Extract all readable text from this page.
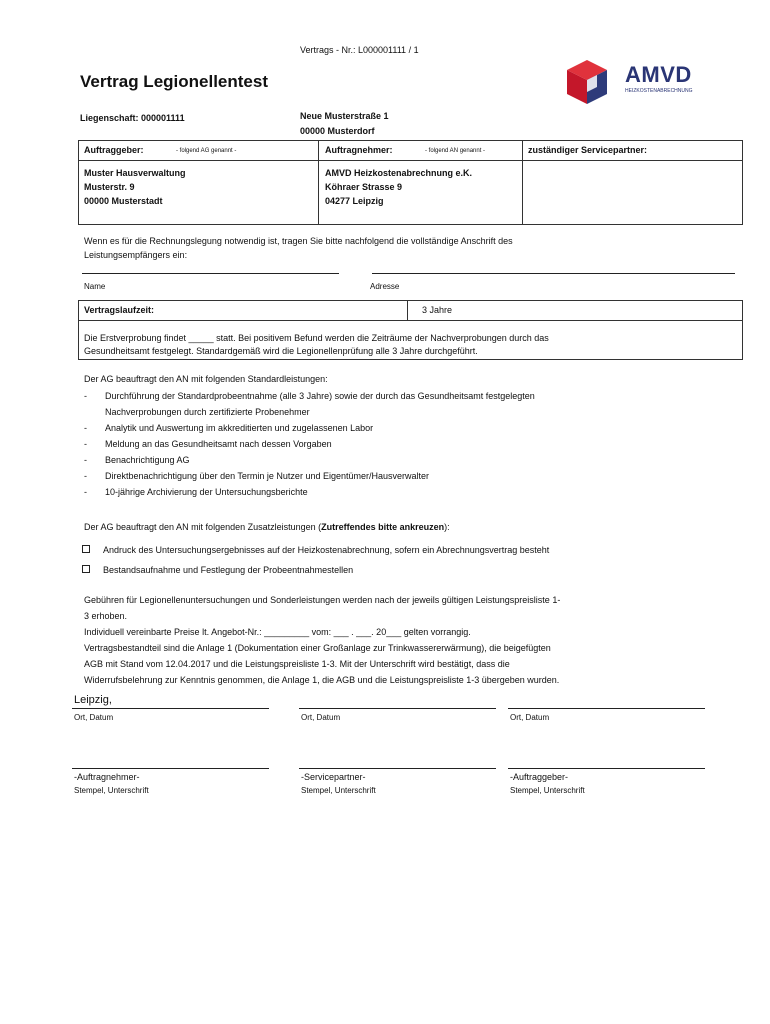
Vertrags - Nr.: L000001111 / 1
Vertrag Legionellentest	AMVD
HEIZKOSTENABRECHNUNG
Liegenschaft: 000001111	Neue Musterstraße 1
00000 Musterdorf
Auftraggeber:	- folgend AG genannt -	Auftragnehmer:	- folgend AN genannt -	zuständiger Servicepartner:
Muster Hausverwaltung
Musterstr. 9
00000 Musterstadt
AMVD Heizkostenabrechnung e.K.
Köhraer Strasse 9
04277 Leipzig
Wenn es für die Rechnungslegung notwendig ist, tragen Sie bitte nachfolgend die vollständige Anschrift des
Leistungsempfängers ein:
Name	Adresse
Vertragslaufzeit:	3 Jahre
Die Erstverprobung findet _____ statt. Bei positivem Befund werden die Zeiträume der Nachverprobungen durch das
Gesundheitsamt festgelegt. Standardgemäß wird die Legionellenprüfung alle 3 Jahre durchgeführt.
Der AG beauftragt den AN mit folgenden Standardleistungen:
-

-
-
-
-
-
Durchführung der Standardprobeentnahme (alle 3 Jahre) sowie der durch das Gesundheitsamt festgelegten
Nachverprobungen durch zertifizierte Probenehmer
Analytik und Auswertung im akkreditierten und zugelassenen Labor
Meldung an das Gesundheitsamt nach dessen Vorgaben
Benachrichtigung AG
Direktbenachrichtigung über den Termin je Nutzer und Eigentümer/Hausverwalter
10-jährige Archivierung der Untersuchungsberichte
Der AG beauftragt den AN mit folgenden Zusatzleistungen (Zutreffendes bitte ankreuzen):
Andruck des Untersuchungsergebnisses auf der Heizkostenabrechnung, sofern ein Abrechnungsvertrag besteht
Bestandsaufnahme und Festlegung der Probeentnahmestellen
Gebühren für Legionellenuntersuchungen und Sonderleistungen werden nach der jeweils gültigen Leistungspreisliste 1-
3 erhoben.
Individuell vereinbarte Preise lt. Angebot-Nr.: _________ vom: ___ . ___. 20___ gelten vorrangig.
Vertragsbestandteil sind die Anlage 1 (Dokumentation einer Großanlage zur Trinkwassererwärmung), die beigefügten
AGB mit Stand vom 12.04.2017 und die Leistungspreisliste 1-3. Mit der Unterschrift wird bestätigt, dass die
Widerrufsbelehrung zur Kenntnis genommen, die Anlage 1, die AGB und die Leistungspreisliste 1-3 übergeben wurden.
Leipzig,
Ort, Datum	Ort, Datum	Ort, Datum
-Auftragnehmer-	-Servicepartner-	-Auftraggeber-
Stempel, Unterschrift	Stempel, Unterschrift	Stempel, Unterschrift
